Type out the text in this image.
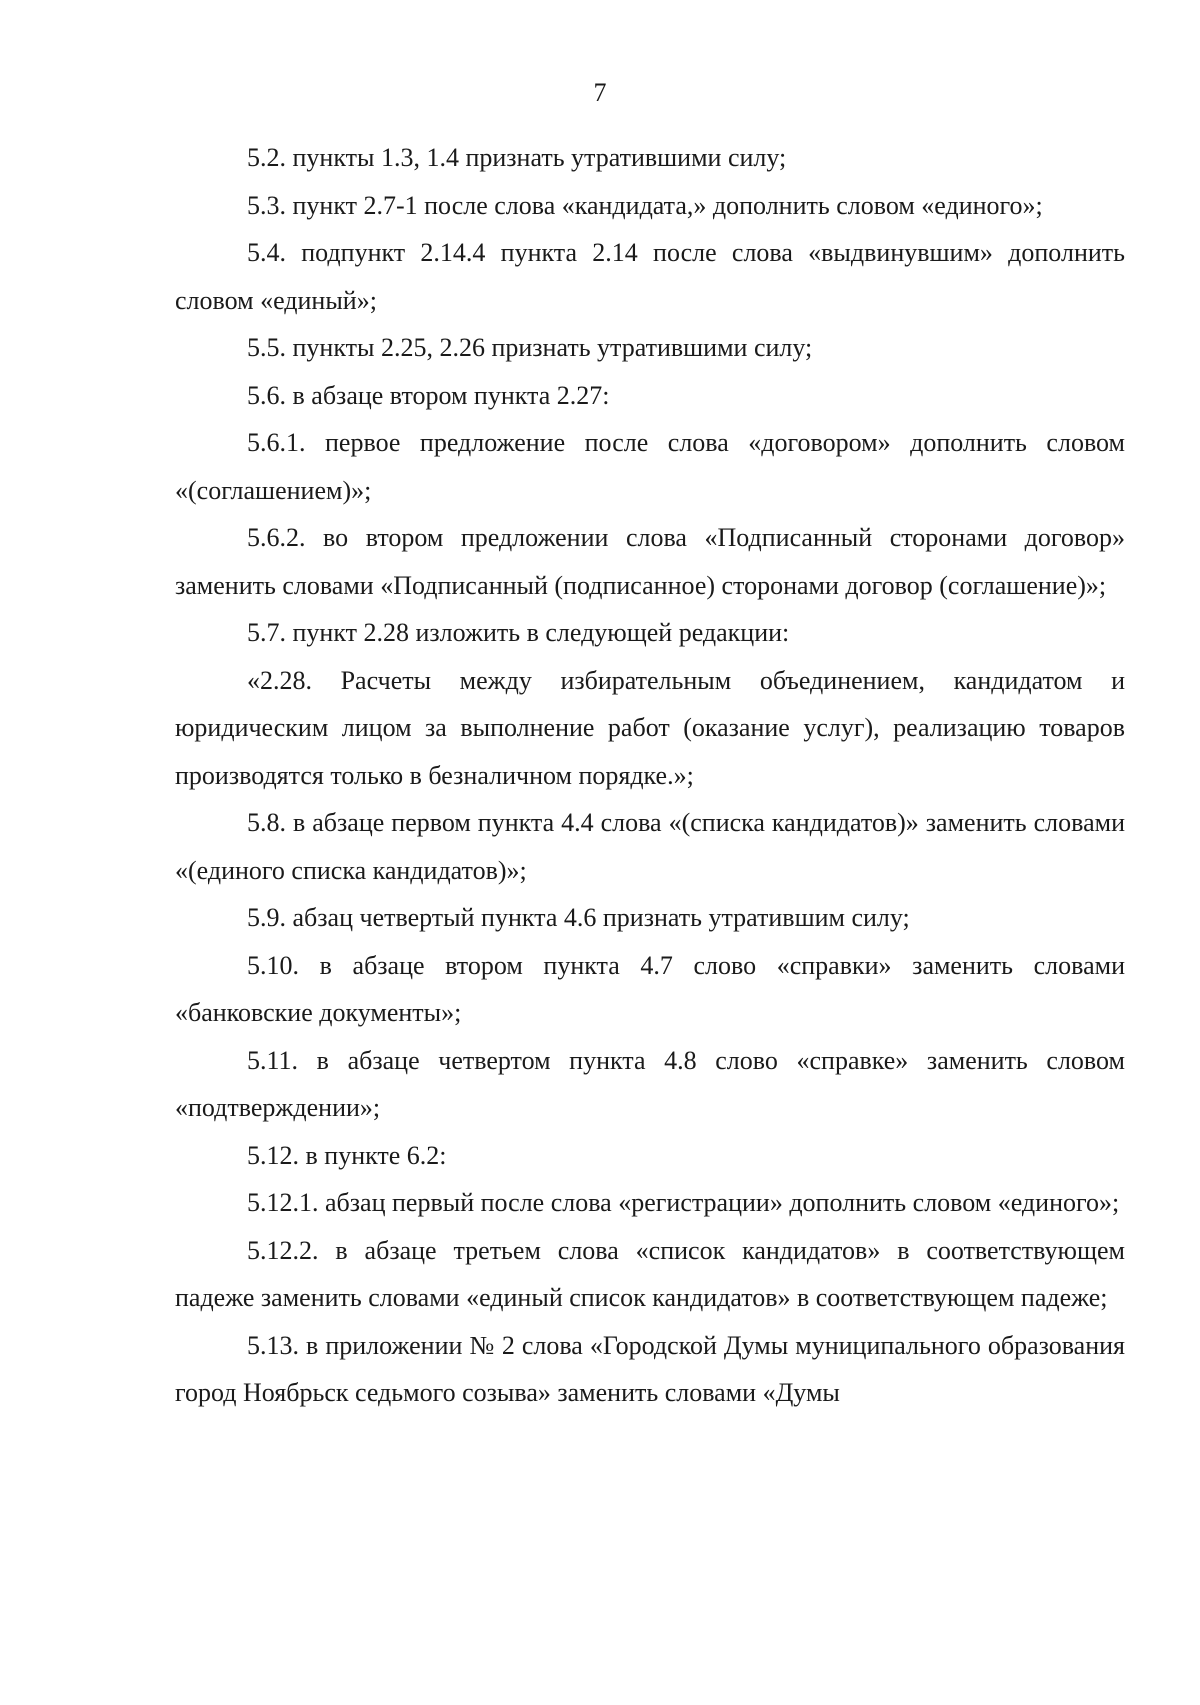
7

5.2. пункты 1.3, 1.4 признать утратившими силу;

5.3. пункт 2.7-1 после слова «кандидата,» дополнить словом «единого»;

5.4. подпункт 2.14.4 пункта 2.14 после слова «выдвинувшим» дополнить словом «единый»;

5.5. пункты 2.25, 2.26 признать утратившими силу;

5.6. в абзаце втором пункта 2.27:

5.6.1. первое предложение после слова «договором» дополнить словом «(соглашением)»;

5.6.2. во втором предложении слова «Подписанный сторонами договор» заменить словами «Подписанный (подписанное) сторонами договор (соглашение)»;

5.7. пункт 2.28 изложить в следующей редакции:

«2.28. Расчеты между избирательным объединением, кандидатом и юридическим лицом за выполнение работ (оказание услуг), реализацию товаров производятся только в безналичном порядке.»;

5.8. в абзаце первом пункта 4.4 слова «(списка кандидатов)» заменить словами «(единого списка кандидатов)»;

5.9. абзац четвертый пункта 4.6 признать утратившим силу;

5.10. в абзаце втором пункта 4.7 слово «справки» заменить словами «банковские документы»;

5.11. в абзаце четвертом пункта 4.8 слово «справке» заменить словом «подтверждении»;

5.12. в пункте 6.2:

5.12.1. абзац первый после слова «регистрации» дополнить словом «единого»;

5.12.2. в абзаце третьем слова «список кандидатов» в соответствующем падеже заменить словами «единый список кандидатов» в соответствующем падеже;

5.13. в приложении № 2 слова «Городской Думы муниципального образования город Ноябрьск седьмого созыва» заменить словами «Думы
